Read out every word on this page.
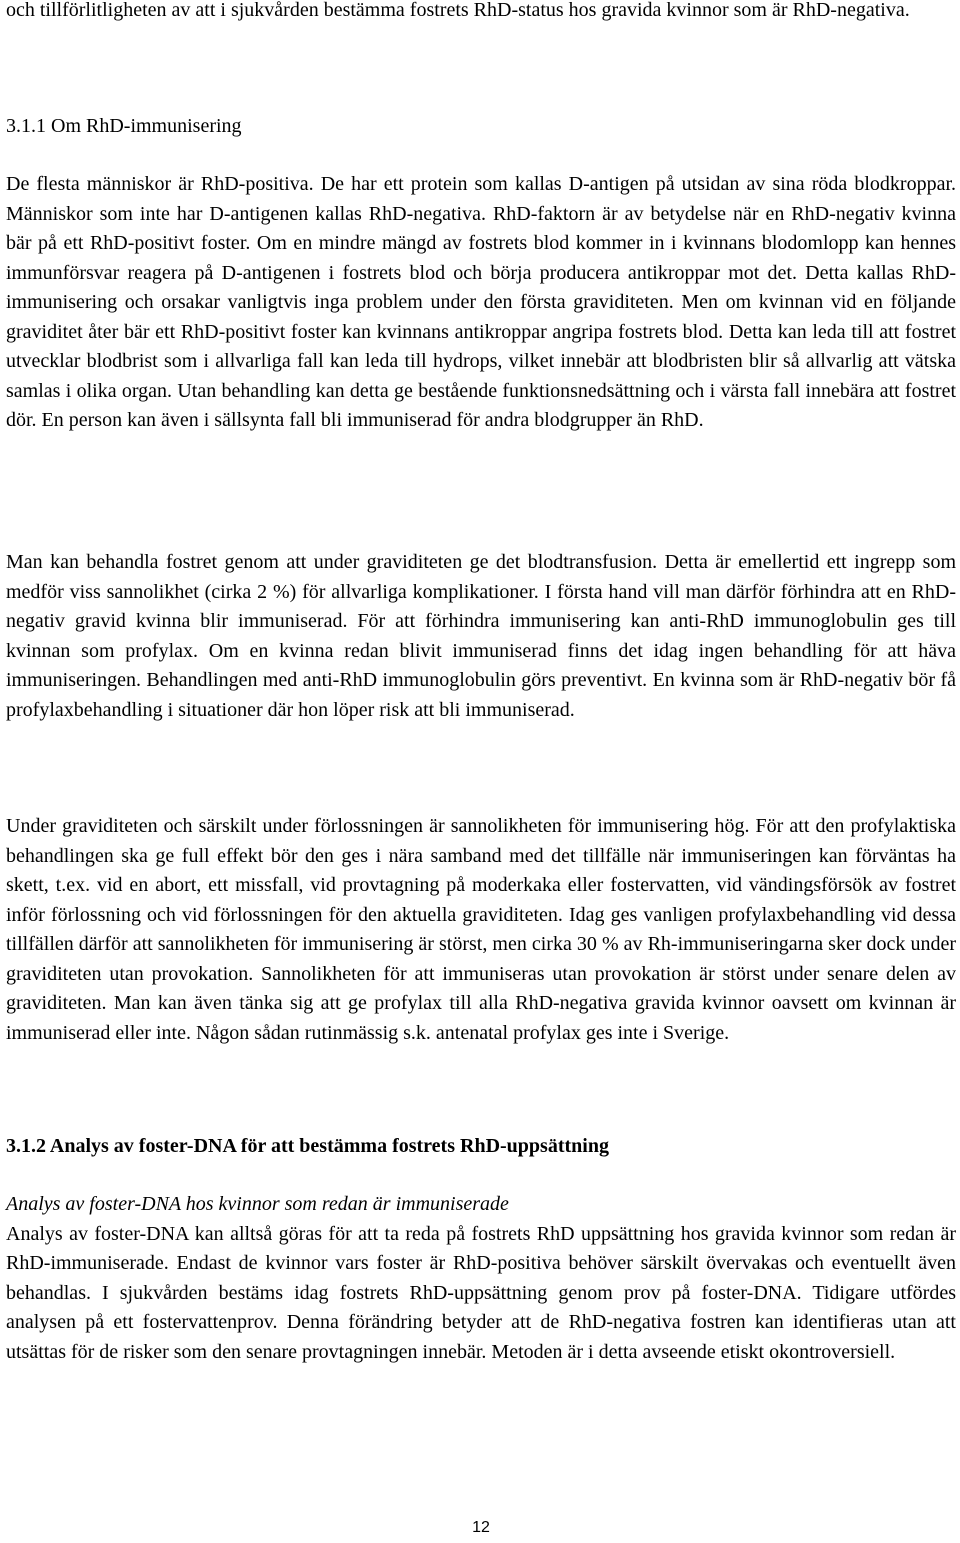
och tillförlitligheten av att i sjukvården bestämma fostrets RhD-status hos gravida kvinnor som är RhD-negativa.

3.1.1 Om RhD-immunisering

De flesta människor är RhD-positiva. De har ett protein som kallas D-antigen på utsidan av sina röda blodkroppar. Människor som inte har D-antigenen kallas RhD-negativa. RhD-faktorn är av betydelse när en RhD-negativ kvinna bär på ett RhD-positivt foster. Om en mindre mängd av fostrets blod kommer in i kvinnans blodomlopp kan hennes immunförsvar reagera på D-antigenen i fostrets blod och börja producera antikroppar mot det. Detta kallas RhD-immunisering och orsakar vanligtvis inga problem under den första graviditeten. Men om kvinnan vid en följande graviditet åter bär ett RhD-positivt foster kan kvinnans antikroppar angripa fostrets blod. Detta kan leda till att fostret utvecklar blodbrist som i allvarliga fall kan leda till hydrops, vilket innebär att blodbristen blir så allvarlig att vätska samlas i olika organ. Utan behandling kan detta ge bestående funktionsnedsättning och i värsta fall innebära att fostret dör. En person kan även i sällsynta fall bli immuniserad för andra blodgrupper än RhD.

Man kan behandla fostret genom att under graviditeten ge det blodtransfusion. Detta är emellertid ett ingrepp som medför viss sannolikhet (cirka 2 %) för allvarliga komplikationer. I första hand vill man därför förhindra att en RhD-negativ gravid kvinna blir immuniserad. För att förhindra immunisering kan anti-RhD immunoglobulin ges till kvinnan som profylax. Om en kvinna redan blivit immuniserad finns det idag ingen behandling för att häva immuniseringen. Behandlingen med anti-RhD immunoglobulin görs preventivt. En kvinna som är RhD-negativ bör få profylaxbehandling i situationer där hon löper risk att bli immuniserad.

Under graviditeten och särskilt under förlossningen är sannolikheten för immunisering hög. För att den profylaktiska behandlingen ska ge full effekt bör den ges i nära samband med det tillfälle när immuniseringen kan förväntas ha skett, t.ex. vid en abort, ett missfall, vid provtagning på moderkaka eller fostervatten, vid vändingsförsök av fostret inför förlossning och vid förlossningen för den aktuella graviditeten. Idag ges vanligen profylaxbehandling vid dessa tillfällen därför att sannolikheten för immunisering är störst, men cirka 30 % av Rh-immuniseringarna sker dock under graviditeten utan provokation. Sannolikheten för att immuniseras utan provokation är störst under senare delen av graviditeten. Man kan även tänka sig att ge profylax till alla RhD-negativa gravida kvinnor oavsett om kvinnan är immuniserad eller inte. Någon sådan rutinmässig s.k. antenatal profylax ges inte i Sverige.

3.1.2 Analys av foster-DNA för att bestämma fostrets RhD-uppsättning

Analys av foster-DNA hos kvinnor som redan är immuniserade

Analys av foster-DNA kan alltså göras för att ta reda på fostrets RhD uppsättning hos gravida kvinnor som redan är RhD-immuniserade. Endast de kvinnor vars foster är RhD-positiva behöver särskilt övervakas och eventuellt även behandlas. I sjukvården bestäms idag fostrets RhD-uppsättning genom prov på foster-DNA. Tidigare utfördes analysen på ett fostervattenprov. Denna förändring betyder att de RhD-negativa fostren kan identifieras utan att utsättas för de risker som den senare provtagningen innebär. Metoden är i detta avseende etiskt okontroversiell.

12
